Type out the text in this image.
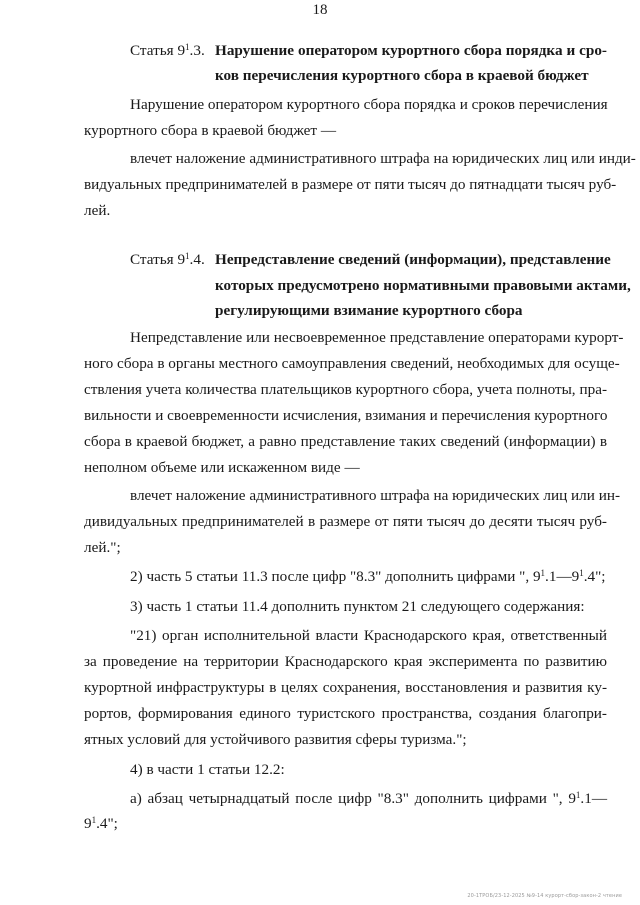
18
Статья $9^1.3$. Нарушение оператором курортного сбора порядка и сро-
ков перечисления курортного сбора в краевой бюджет
Нарушение оператором курортного сбора порядка и сроков перечисления
курортного сбора в краевой бюджет —
влечет наложение административного штрафа на юридических лиц или инди-
видуальных предпринимателей в размере от пяти тысяч до пятнадцати тысяч руб-
лей.
Статья $9^1.4$. Непредставление сведений (информации), представление
которых предусмотрено нормативными правовыми актами,
регулирующими взимание курортного сбора
Непредставление или несвоевременное представление операторами курорт-
ного сбора в органы местного самоуправления сведений, необходимых для осуще-
ствления учета количества плательщиков курортного сбора, учета полноты, пра-
вильности и своевременности исчисления, взимания и перечисления курортного
сбора в краевой бюджет, а равно представление таких сведений (информации) в
неполном объеме или искаженном виде —
влечет наложение административного штрафа на юридических лиц или ин-
дивидуальных предпринимателей в размере от пяти тысяч до десяти тысяч руб-
лей.";
2) часть 5 статьи 11.3 после цифр "8.3" дополнить цифрами ", $9^1.1—9^1.4$";
3) часть 1 статьи 11.4 дополнить пунктом 21 следующего содержания:
"21) орган исполнительной власти Краснодарского края, ответственный
за проведение на территории Краснодарского края эксперимента по развитию
курортной инфраструктуры в целях сохранения, восстановления и развития ку-
рортов, формирования единого туристского пространства, создания благопри-
ятных условий для устойчивого развития сферы туризма.";
4) в части 1 статьи 12.2:
а) абзац четырнадцатый после цифр "8.3" дополнить цифрами ", $9^1.1—$
$9^1.4$";
20-1ТРОБ/23-12-2025 №9-14 курорт-сбор-закон-2 чтение
